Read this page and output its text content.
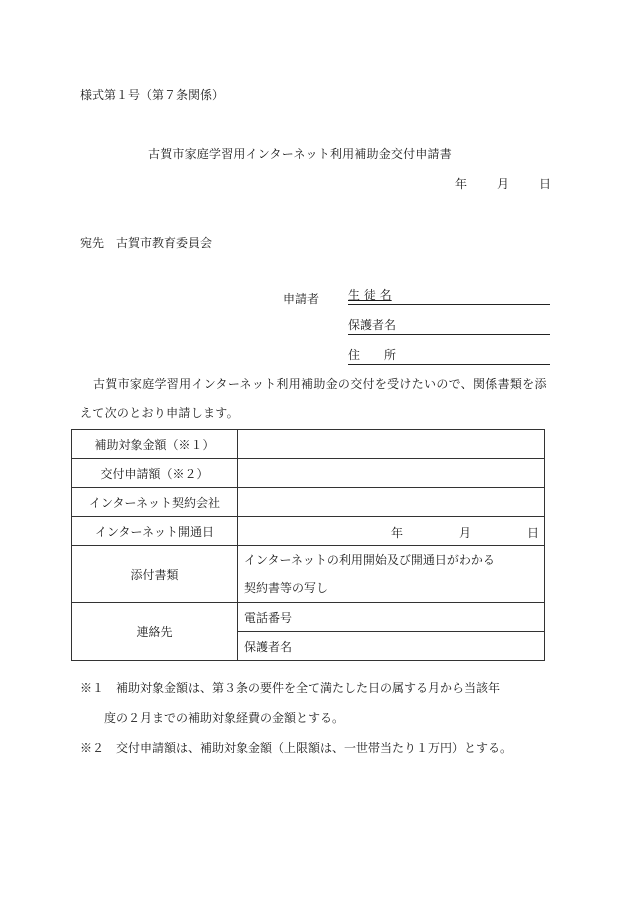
様式第１号（第７条関係）
古賀市家庭学習用インターネット利用補助金交付申請書
年	月	日
宛先　古賀市教育委員会
申請者 生 徒 名
保護者名
住　　所
古賀市家庭学習用インターネット利用補助金の交付を受けたいので、関係書類を添えて次のとおり申請します。
補助対象金額（※１）	
交付申請額（※２）	
インターネット契約会社	
インターネット開通日	年 月 日

添付書類	インターネットの利用開始及び開通日がわかる
契約書等の写し

連絡先	電話番号
	保護者名
※１　補助対象金額は、第３条の要件を全て満たした日の属する月から当該年
度の２月までの補助対象経費の金額とする。
※２　交付申請額は、補助対象金額（上限額は、一世帯当たり１万円）とする。
